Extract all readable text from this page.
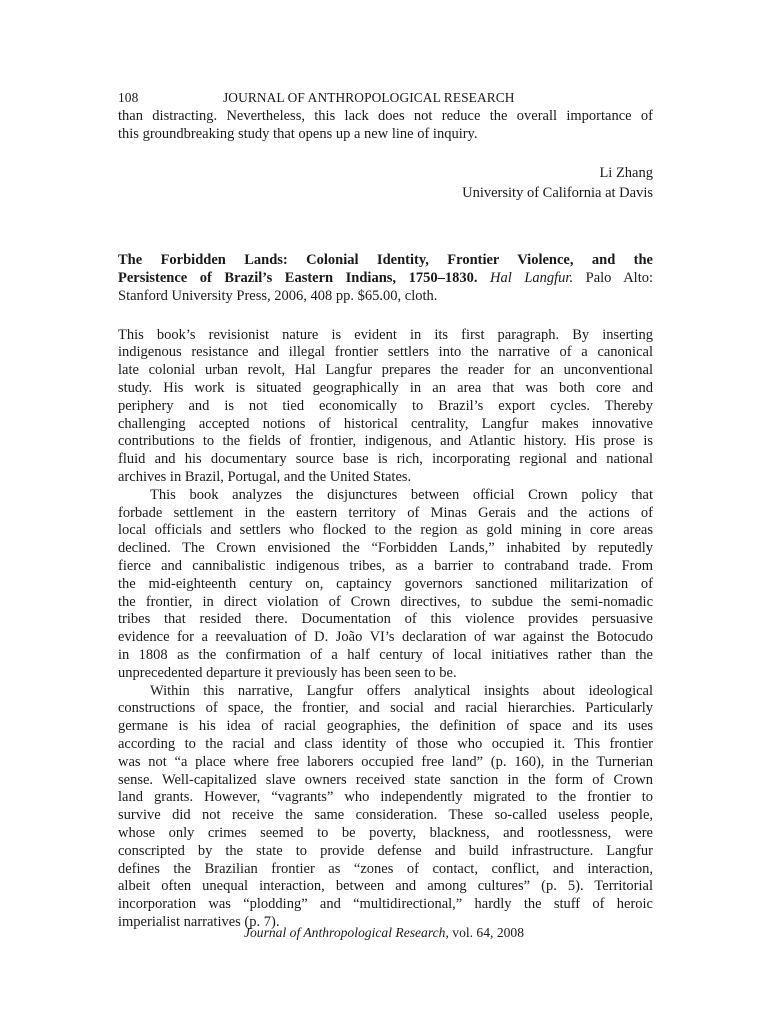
108	JOURNAL OF ANTHROPOLOGICAL RESEARCH
than distracting. Nevertheless, this lack does not reduce the overall importance of
this groundbreaking study that opens up a new line of inquiry.
Li Zhang
University of California at Davis
The Forbidden Lands: Colonial Identity, Frontier Violence, and the
Persistence of Brazil’s Eastern Indians, 1750–1830. Hal Langfur. Palo Alto:
Stanford University Press, 2006, 408 pp. $65.00, cloth.
This book’s revisionist nature is evident in its first paragraph. By inserting
indigenous resistance and illegal frontier settlers into the narrative of a canonical
late colonial urban revolt, Hal Langfur prepares the reader for an unconventional
study. His work is situated geographically in an area that was both core and
periphery and is not tied economically to Brazil’s export cycles. Thereby
challenging accepted notions of historical centrality, Langfur makes innovative
contributions to the fields of frontier, indigenous, and Atlantic history. His prose is
fluid and his documentary source base is rich, incorporating regional and national
archives in Brazil, Portugal, and the United States.
This book analyzes the disjunctures between official Crown policy that
forbade settlement in the eastern territory of Minas Gerais and the actions of
local officials and settlers who flocked to the region as gold mining in core areas
declined. The Crown envisioned the “Forbidden Lands,” inhabited by reputedly
fierce and cannibalistic indigenous tribes, as a barrier to contraband trade. From
the mid-eighteenth century on, captaincy governors sanctioned militarization of
the frontier, in direct violation of Crown directives, to subdue the semi-nomadic
tribes that resided there. Documentation of this violence provides persuasive
evidence for a reevaluation of D. João VI’s declaration of war against the Botocudo
in 1808 as the confirmation of a half century of local initiatives rather than the
unprecedented departure it previously has been seen to be.
Within this narrative, Langfur offers analytical insights about ideological
constructions of space, the frontier, and social and racial hierarchies. Particularly
germane is his idea of racial geographies, the definition of space and its uses
according to the racial and class identity of those who occupied it. This frontier
was not “a place where free laborers occupied free land” (p. 160), in the Turnerian
sense. Well-capitalized slave owners received state sanction in the form of Crown
land grants. However, “vagrants” who independently migrated to the frontier to
survive did not receive the same consideration. These so-called useless people,
whose only crimes seemed to be poverty, blackness, and rootlessness, were
conscripted by the state to provide defense and build infrastructure. Langfur
defines the Brazilian frontier as “zones of contact, conflict, and interaction,
albeit often unequal interaction, between and among cultures” (p. 5). Territorial
incorporation was “plodding” and “multidirectional,” hardly the stuff of heroic
imperialist narratives (p. 7).
Journal of Anthropological Research, vol. 64, 2008
